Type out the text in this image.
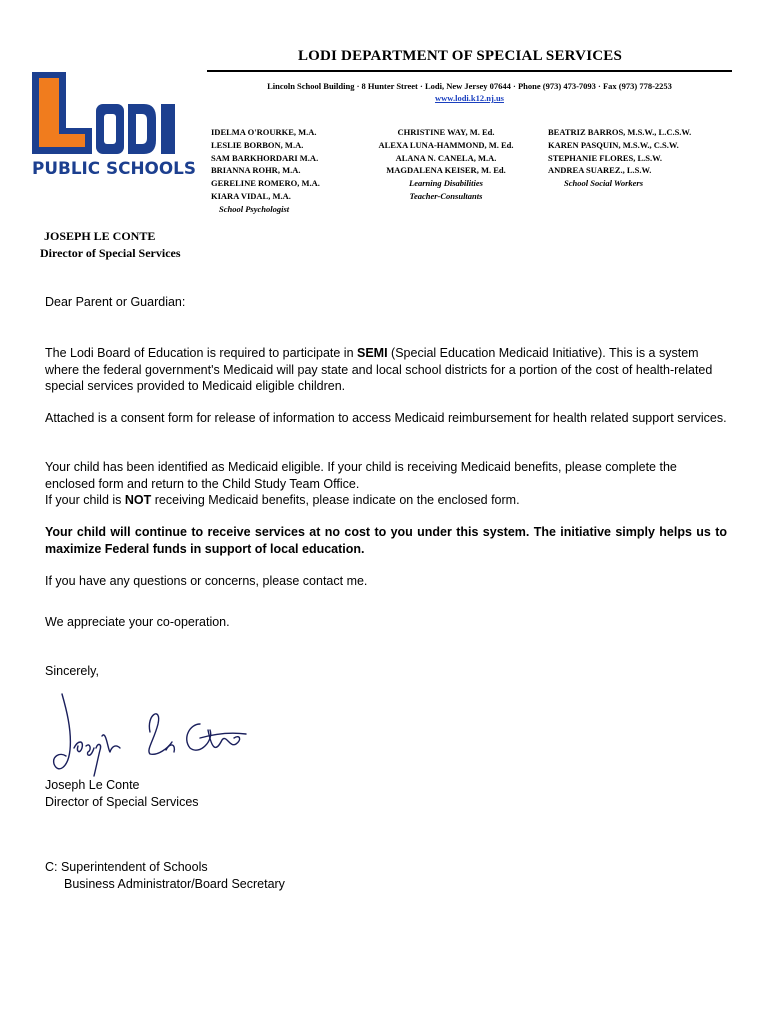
PUBLIC SCHOOLS
LODI DEPARTMENT OF SPECIAL SERVICES
Lincoln School Building · 8 Hunter Street · Lodi, New Jersey 07644 · Phone (973) 473-7093 · Fax (973) 778-2253
www.lodi.k12.nj.us
IDELMA O'ROURKE, M.A.
LESLIE BORBON, M.A.
SAM BARKHORDARI M.A.
BRIANNA ROHR, M.A.
GERELINE ROMERO, M.A.
KIARA VIDAL, M.A.
School Psychologist
CHRISTINE WAY, M. Ed.
ALEXA LUNA-HAMMOND, M. Ed.
ALANA N. CANELA, M.A.
MAGDALENA KEISER, M. Ed.
Learning Disabilities
Teacher-Consultants
BEATRIZ BARROS, M.S.W., L.C.S.W.
KAREN PASQUIN, M.S.W., C.S.W.
STEPHANIE FLORES, L.S.W.
ANDREA SUAREZ., L.S.W.
School Social Workers
JOSEPH LE CONTE
Director of Special Services
Dear Parent or Guardian:
The Lodi Board of Education is required to participate in SEMI (Special Education Medicaid Initiative). This is a system where the federal government's Medicaid will pay state and local school districts for a portion of the cost of health-related special services provided to Medicaid eligible children.
Attached is a consent form for release of information to access Medicaid reimbursement for health related support services.
Your child has been identified as Medicaid eligible. If your child is receiving Medicaid benefits, please complete the enclosed form and return to the Child Study Team Office.
If your child is NOT receiving Medicaid benefits, please indicate on the enclosed form.
Your child will continue to receive services at no cost to you under this system. The initiative simply helps us to maximize Federal funds in support of local education.
If you have any questions or concerns, please contact me.
We appreciate your co-operation.
Sincerely,
Joseph Le Conte
Director of Special Services
C: Superintendent of Schools
Business Administrator/Board Secretary
